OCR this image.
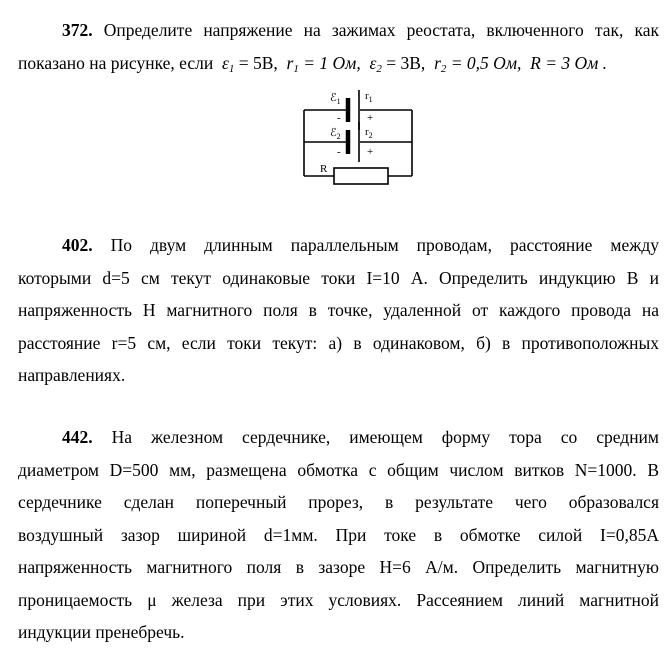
372. Определите напряжение на зажимах реостата, включенного так, как
показано на рисунке, если $\varepsilon_1 = 5В$, $r_1 = 1$ Ом, $\varepsilon_2 = 3В$, $r_2 = 0,5$ Ом, R = 3 Ом .
ℰ$_1$ $r_1$
- +
ℰ$_2$ $r_2$
- +
R
402. По двум длинным параллельным проводам, расстояние между
которыми d=5 см текут одинаковые токи I=10 А. Определить индукцию В и
напряженность Н магнитного поля в точке, удаленной от каждого провода на
расстояние r=5 см, если токи текут: а) в одинаковом, б) в противоположных
направлениях.
442. На железном сердечнике, имеющем форму тора со средним
диаметром D=500 мм, размещена обмотка с общим числом витков N=1000. В
сердечнике сделан поперечный прорез, в результате чего образовался
воздушный зазор шириной d=1мм. При токе в обмотке силой I=0,85А
напряженность магнитного поля в зазоре Н=6 А/м. Определить магнитную
проницаемость μ железа при этих условиях. Рассеянием линий магнитной
индукции пренебречь.
